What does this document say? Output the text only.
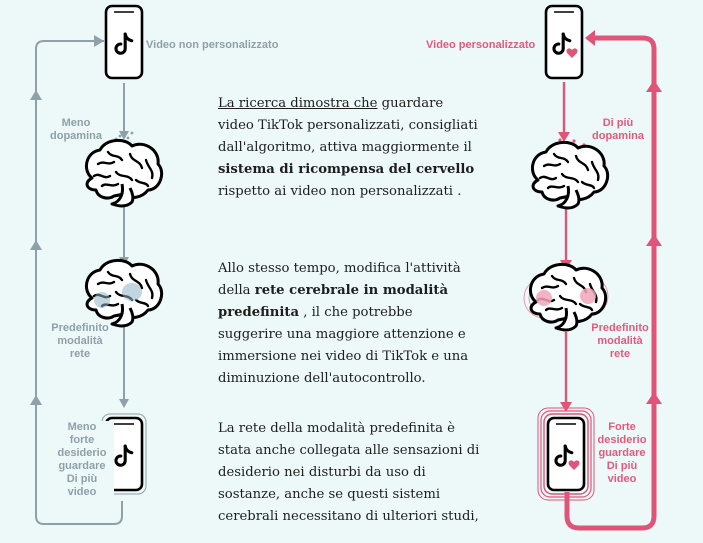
Video non personalizzato
Meno
dopamina
Predefinito
modalità
rete
Meno
forte
desiderio
guardare
Di più
video
Video personalizzato
Di più
dopamina
Predefinito
modalità
rete
Forte
desiderio
guardare
Di più
video
La ricerca dimostra che guardare video TikTok personalizzati, consigliati dall'algoritmo, attiva maggiormente il sistema di ricompensa del cervello rispetto ai video non personalizzati .
Allo stesso tempo, modifica l'attività della rete cerebrale in modalità predefinita , il che potrebbe suggerire una maggiore attenzione e immersione nei video di TikTok e una diminuzione dell'autocontrollo.
La rete della modalità predefinita è stata anche collegata alle sensazioni di desiderio nei disturbi da uso di sostanze, anche se questi sistemi cerebrali necessitano di ulteriori studi,
